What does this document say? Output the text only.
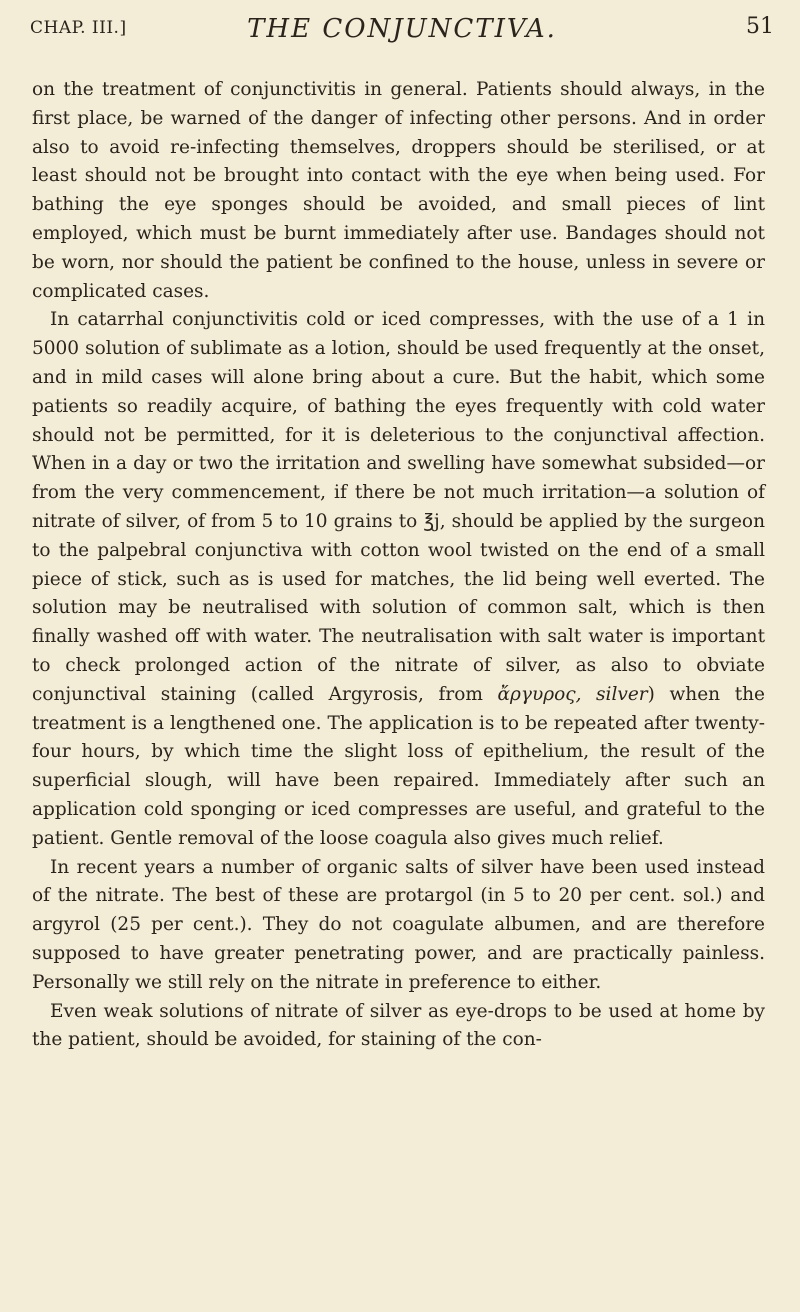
CHAP. III.]	THE CONJUNCTIVA.	51

on the treatment of conjunctivitis in general. Patients should always, in the first place, be warned of the danger of infecting other persons. And in order also to avoid re-infecting themselves, droppers should be sterilised, or at least should not be brought into contact with the eye when being used. For bathing the eye sponges should be avoided, and small pieces of lint employed, which must be burnt immediately after use. Bandages should not be worn, nor should the patient be confined to the house, unless in severe or complicated cases.

In catarrhal conjunctivitis cold or iced compresses, with the use of a 1 in 5000 solution of sublimate as a lotion, should be used frequently at the onset, and in mild cases will alone bring about a cure. But the habit, which some patients so readily acquire, of bathing the eyes frequently with cold water should not be permitted, for it is deleterious to the conjunctival affection. When in a day or two the irritation and swelling have somewhat subsided—or from the very commencement, if there be not much irritation—a solution of nitrate of silver, of from 5 to 10 grains to ℥j, should be applied by the surgeon to the palpebral conjunctiva with cotton wool twisted on the end of a small piece of stick, such as is used for matches, the lid being well everted. The solution may be neutralised with solution of common salt, which is then finally washed off with water. The neutralisation with salt water is important to check prolonged action of the nitrate of silver, as also to obviate conjunctival staining (called Argyrosis, from ἄργυρος, silver) when the treatment is a lengthened one. The application is to be repeated after twenty-four hours, by which time the slight loss of epithelium, the result of the superficial slough, will have been repaired. Immediately after such an application cold sponging or iced compresses are useful, and grateful to the patient. Gentle removal of the loose coagula also gives much relief.

In recent years a number of organic salts of silver have been used instead of the nitrate. The best of these are protargol (in 5 to 20 per cent. sol.) and argyrol (25 per cent.). They do not coagulate albumen, and are therefore supposed to have greater penetrating power, and are practically painless. Personally we still rely on the nitrate in preference to either.

Even weak solutions of nitrate of silver as eye-drops to be used at home by the patient, should be avoided, for staining of the con-
